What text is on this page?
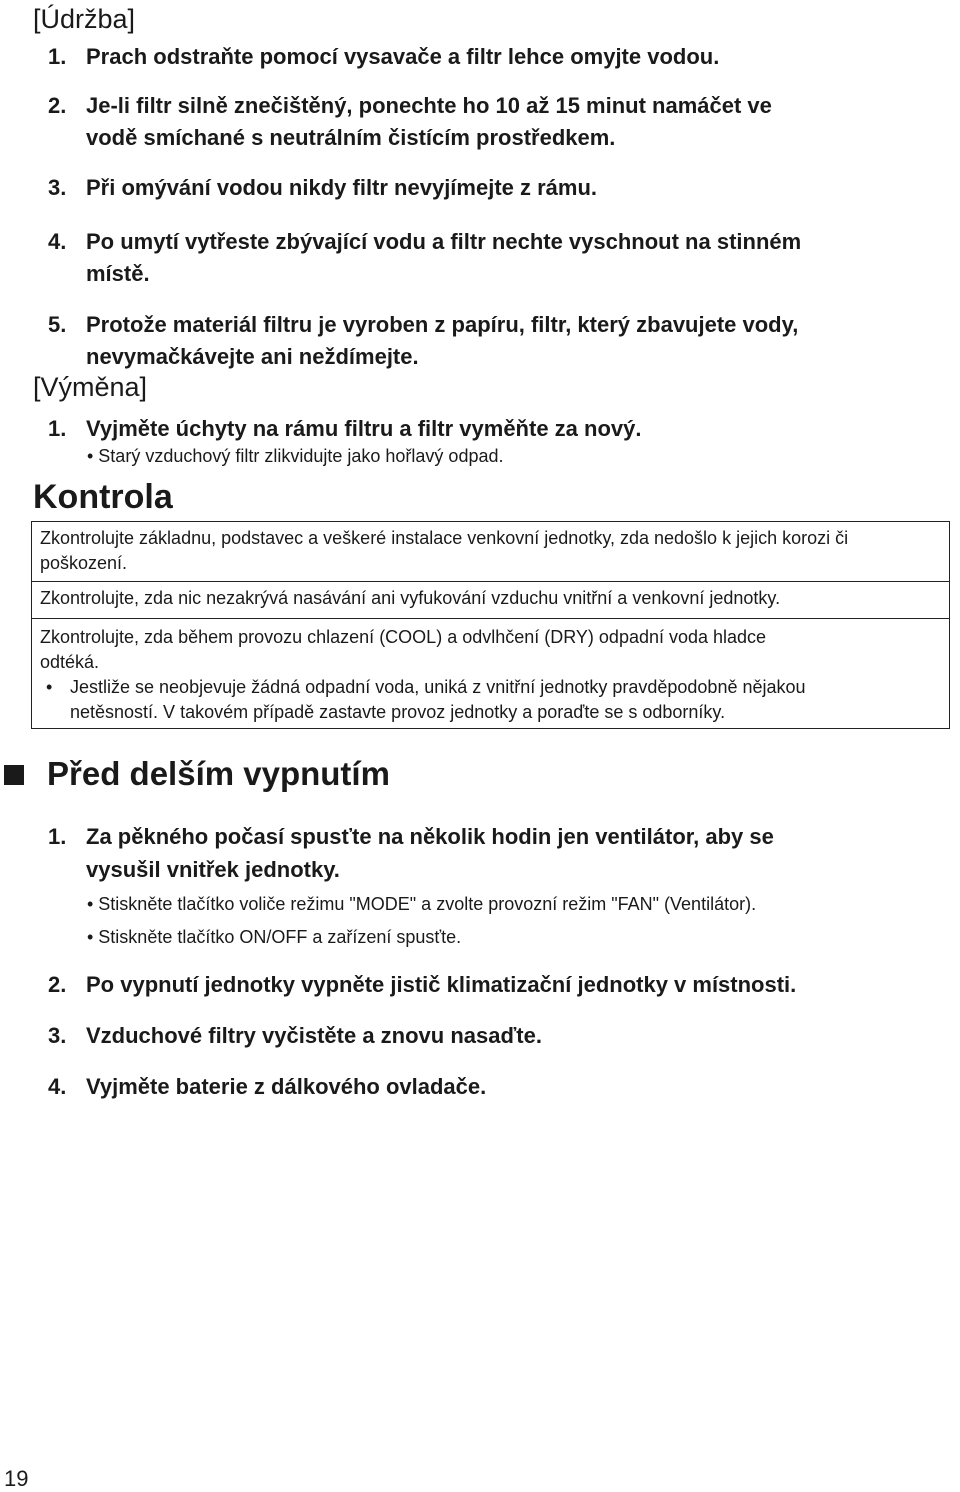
[Údržba]
1. Prach odstraňte pomocí vysavače a filtr lehce omyjte vodou.
2. Je-li filtr silně znečištěný, ponechte ho 10 až 15 minut namáčet ve
vodě smíchané s neutrálním čistícím prostředkem.
3. Při omývání vodou nikdy filtr nevyjímejte z rámu.
4. Po umytí vytřeste zbývající vodu a filtr nechte vyschnout na stinném
místě.
5. Protože materiál filtru je vyroben z papíru, filtr, který zbavujete vody,
nevymačkávejte ani neždímejte.
[Výměna]
1. Vyjměte úchyty na rámu filtru a filtr vyměňte za nový.
• Starý vzduchový filtr zlikvidujte jako hořlavý odpad.
Kontrola
Zkontrolujte základnu, podstavec a veškeré instalace venkovní jednotky, zda nedošlo k jejich korozi či
poškození.
Zkontrolujte, zda nic nezakrývá nasávání ani vyfukování vzduchu vnitřní a venkovní jednotky.
Zkontrolujte, zda během provozu chlazení (COOL) a odvlhčení (DRY) odpadní voda hladce
odtéká.
• Jestliže se neobjevuje žádná odpadní voda, uniká z vnitřní jednotky pravděpodobně nějakou
netěsností. V takovém případě zastavte provoz jednotky a poraďte se s odborníky.
Před delším vypnutím
1. Za pěkného počasí spusťte na několik hodin jen ventilátor, aby se
vysušil vnitřek jednotky.
• Stiskněte tlačítko voliče režimu "MODE" a zvolte provozní režim "FAN" (Ventilátor).
• Stiskněte tlačítko ON/OFF a zařízení spusťte.
2. Po vypnutí jednotky vypněte jistič klimatizační jednotky v místnosti.
3. Vzduchové filtry vyčistěte a znovu nasaďte.
4. Vyjměte baterie z dálkového ovladače.
19
